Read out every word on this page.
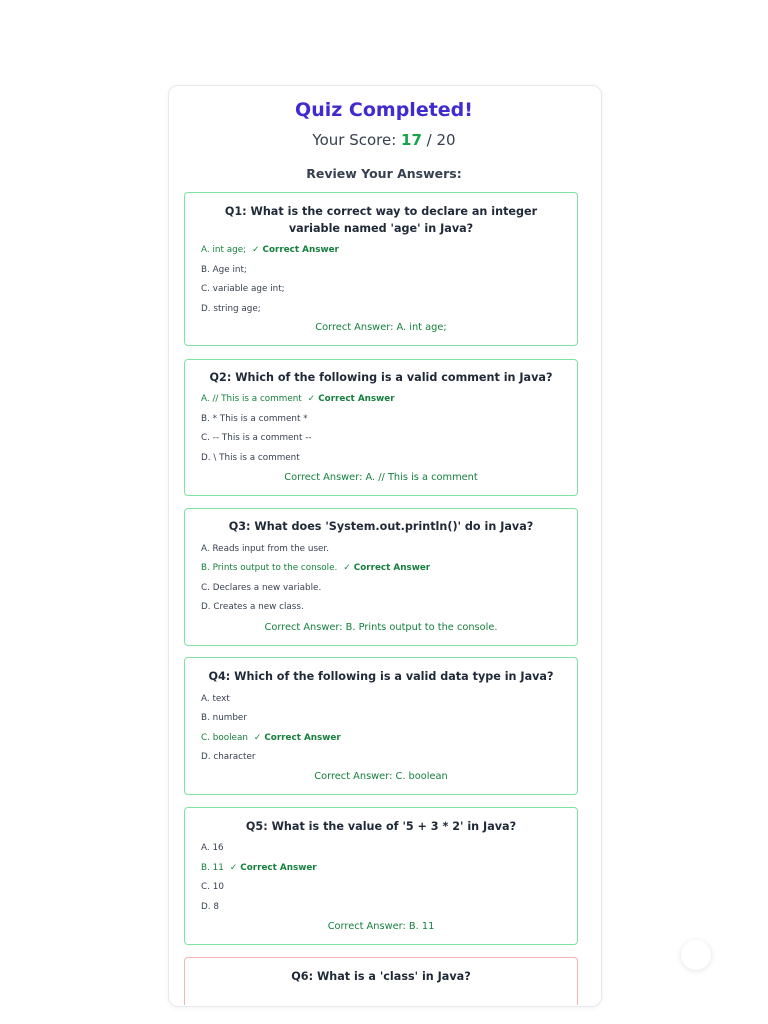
Quiz Completed!
Your Score: 17 / 20
Review Your Answers:
Q1: What is the correct way to declare an integer variable named 'age' in Java?
A. int age; ✓ Correct Answer
B. Age int;
C. variable age int;
D. string age;
Correct Answer: A. int age;
Q2: Which of the following is a valid comment in Java?
A. // This is a comment ✓ Correct Answer
B. * This is a comment *
C. -- This is a comment --
D. \ This is a comment
Correct Answer: A. // This is a comment
Q3: What does 'System.out.println()' do in Java?
A. Reads input from the user.
B. Prints output to the console. ✓ Correct Answer
C. Declares a new variable.
D. Creates a new class.
Correct Answer: B. Prints output to the console.
Q4: Which of the following is a valid data type in Java?
A. text
B. number
C. boolean ✓ Correct Answer
D. character
Correct Answer: C. boolean
Q5: What is the value of '5 + 3 * 2' in Java?
A. 16
B. 11 ✓ Correct Answer
C. 10
D. 8
Correct Answer: B. 11
Q6: What is a 'class' in Java?
